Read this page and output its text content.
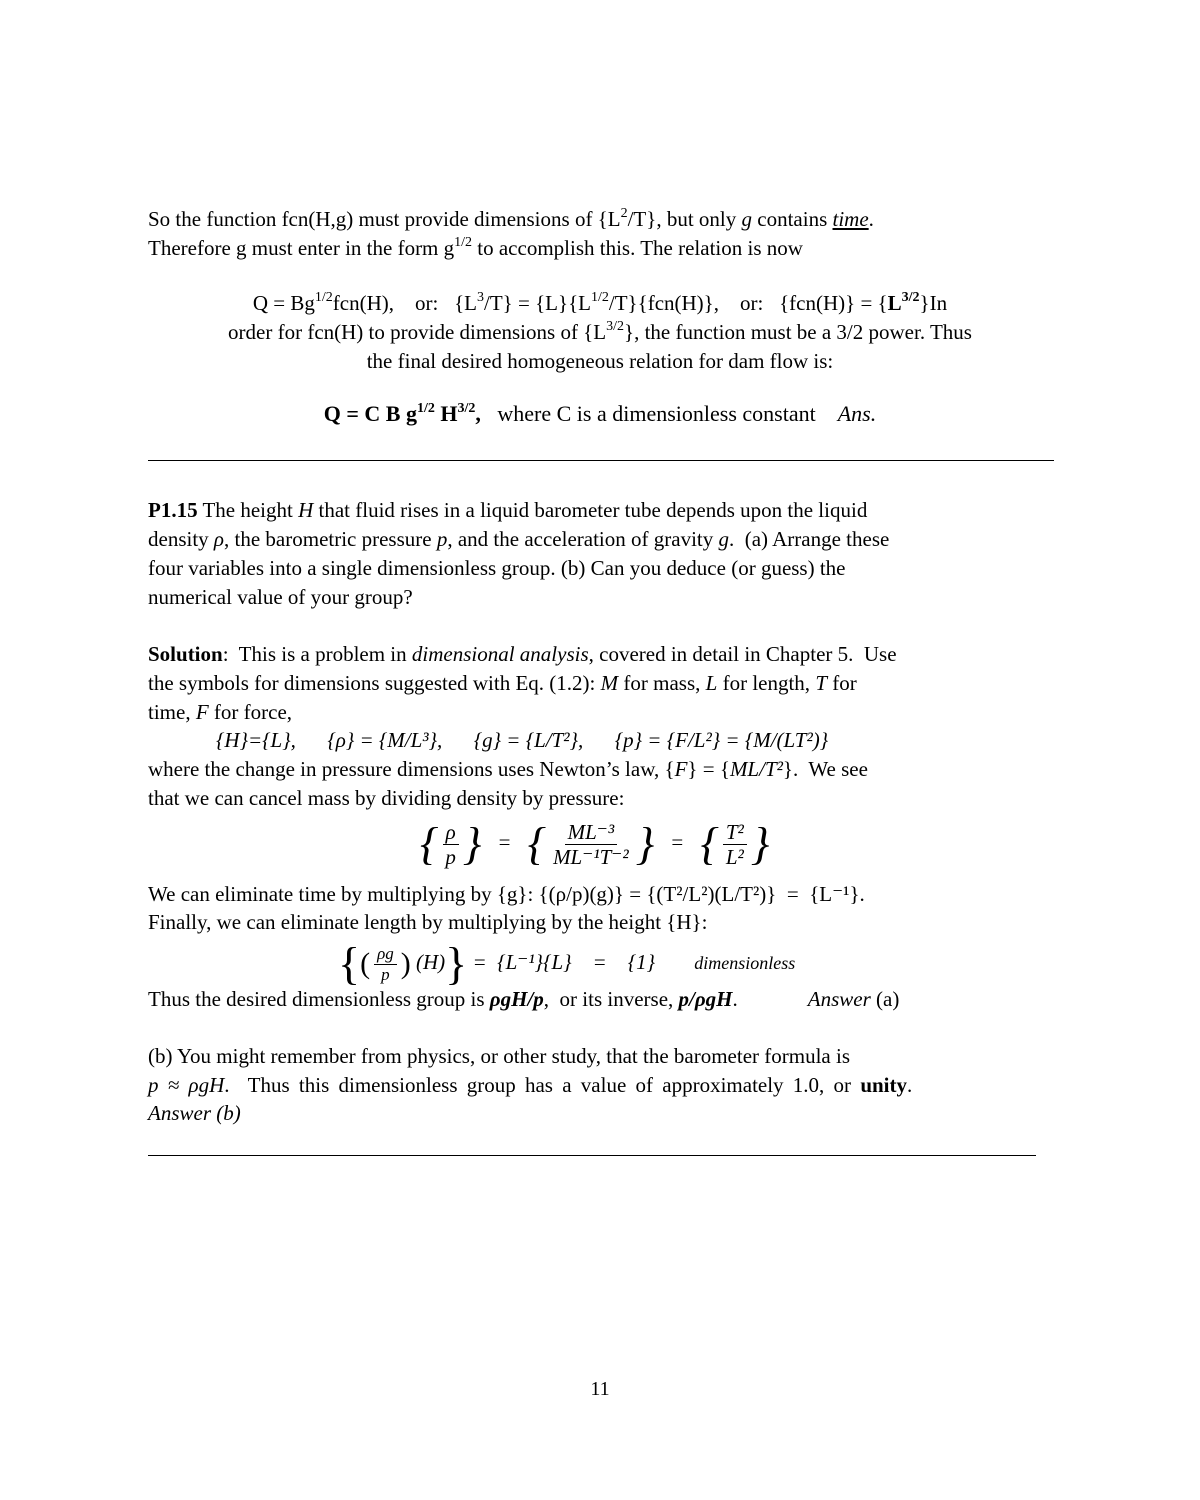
So the function fcn(H,g) must provide dimensions of $\{L^2/T\}$, but only g contains time.
Therefore g must enter in the form $g^{1/2}$ to accomplish this. The relation is now
$Q = Bg^{1/2}fcn(H)$,    or:   $\{L^3/T\} = \{L\}\{L^{1/2}/T\}\{fcn(H)\}$,    or:   $\{fcn(H)\} = \{L^{3/2}\}In$
order for fcn(H) to provide dimensions of $\{L^{3/2}\}$, the function must be a 3/2 power. Thus
the final desired homogeneous relation for dam flow is:
Q = C B $g^{1/2}$ $H^{3/2}$,   where C is a dimensionless constant Ans.
P1.15 The height H that fluid rises in a liquid barometer tube depends upon the liquid
density ρ, the barometric pressure p, and the acceleration of gravity g.  (a) Arrange these
four variables into a single dimensionless group. (b) Can you deduce (or guess) the
numerical value of your group?
Solution:  This is a problem in dimensional analysis, covered in detail in Chapter 5.  Use
the symbols for dimensions suggested with Eq. (1.2): M for mass, L for length, T for
time, F for force,
{H}={L},      {ρ} = {M/L³},      {g} = {L/T²},      {p} = {F/L²} = {M/(LT²)}
where the change in pressure dimensions uses Newton’s law, {F} = {ML/T²}.  We see
that we can cancel mass by dividing density by pressure:
{ $\frac{\rho}{p}$ } = { $\frac{\text{ML⁻³}}{\text{ML⁻¹T⁻²}}$ } = { $\frac{\text{T²}}{\text{L²}}$ }
We can eliminate time by multiplying by {g}: {(ρ/p)(g)} = {(T²/L²)(L/T²)}  =  {L⁻¹}.
Finally, we can eliminate length by multiplying by the height {H}:
{( $\frac{\rho g}{p}$ ) (H)} =  {L⁻¹}{L}    =    {1} dimensionless
Thus the desired dimensionless group is ρgH/p,  or its inverse, p/ρgH.	Answer (a)
(b) You might remember from physics, or other study, that the barometer formula is
p ≈ ρgH.  Thus this dimensionless group has a value of approximately 1.0, or unity.
Answer (b)
11
